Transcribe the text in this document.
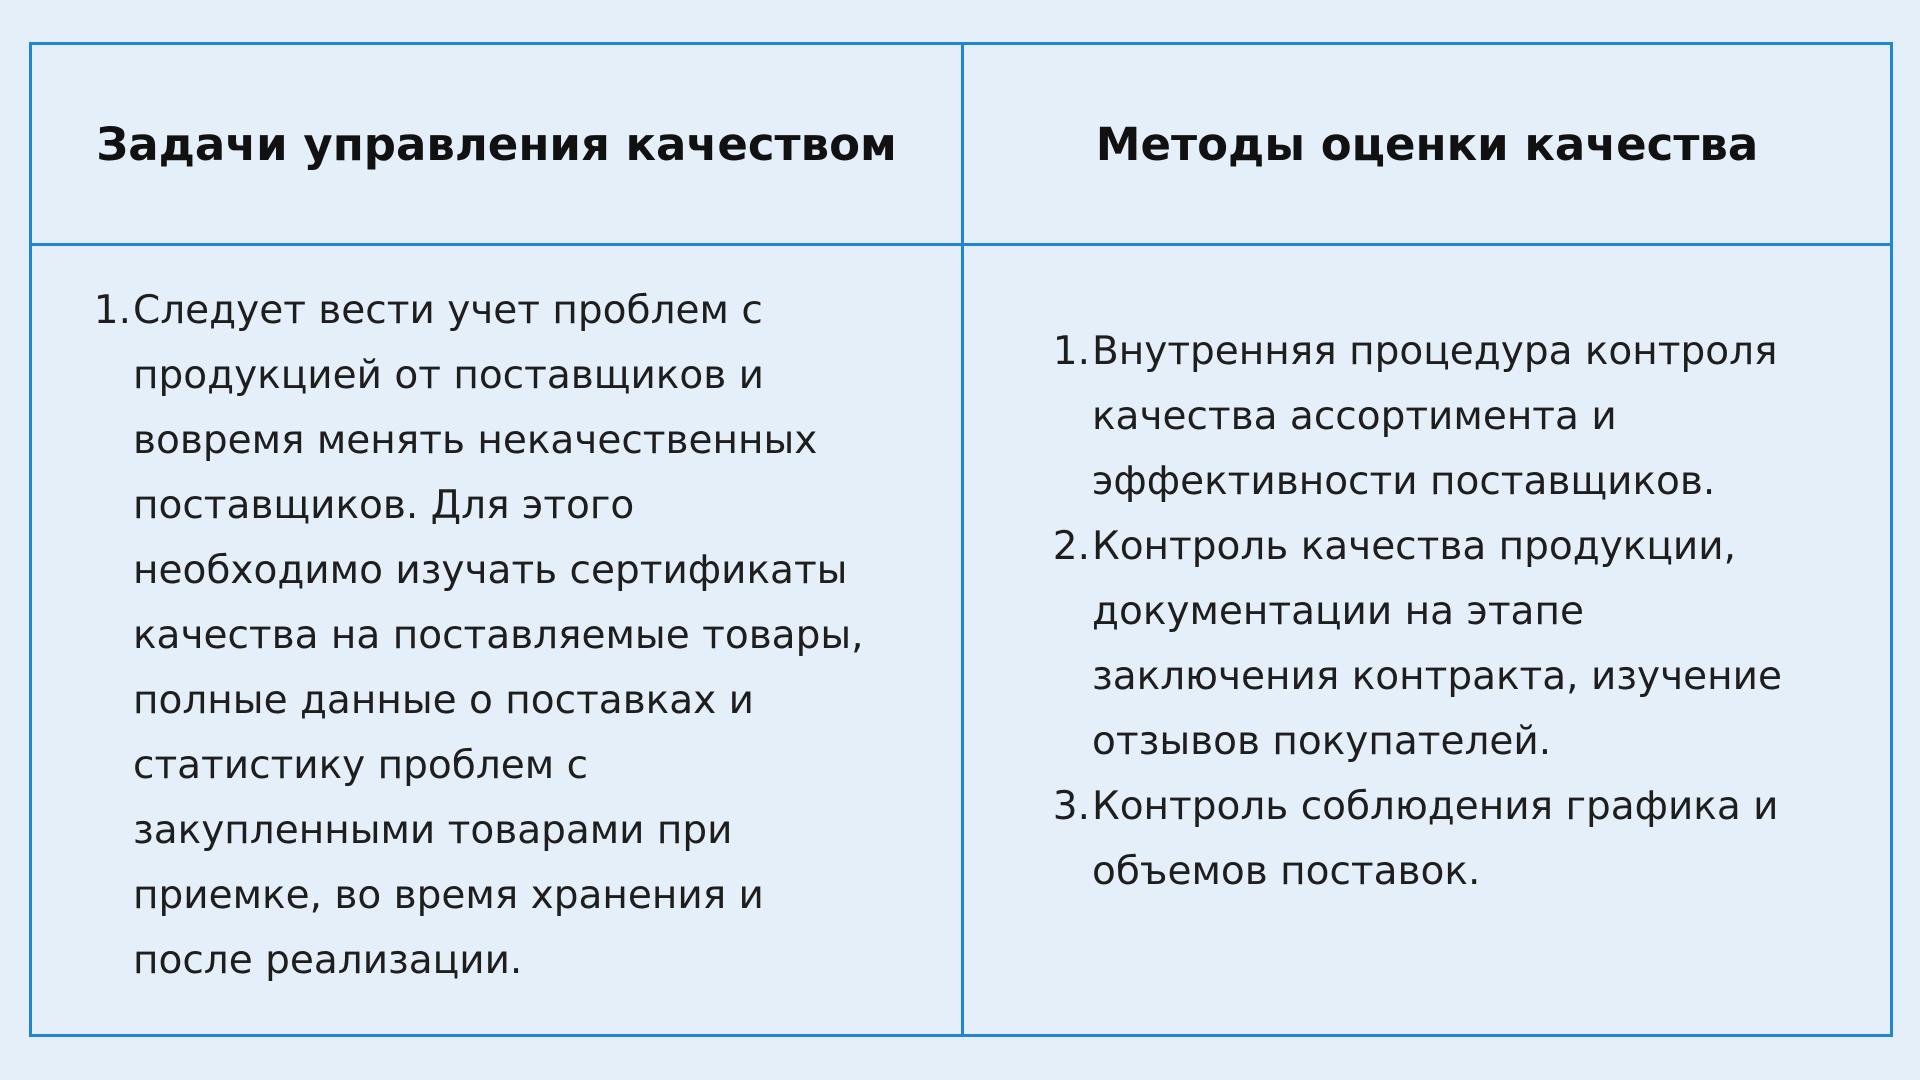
Задачи управления качеством	Методы оценки качества
1. Следует вести учет проблем с
продукцией от поставщиков и
вовремя менять некачественных
поставщиков. Для этого
необходимо изучать сертификаты
качества на поставляемые товары,
полные данные о поставках и
статистику проблем с
закупленными товарами при
приемке, во время хранения и
после реализации.
1. Внутренняя процедура контроля
качества ассортимента и
эффективности поставщиков.
2. Контроль качества продукции,
документации на этапе
заключения контракта, изучение
отзывов покупателей.
3. Контроль соблюдения графика и
объемов поставок.
